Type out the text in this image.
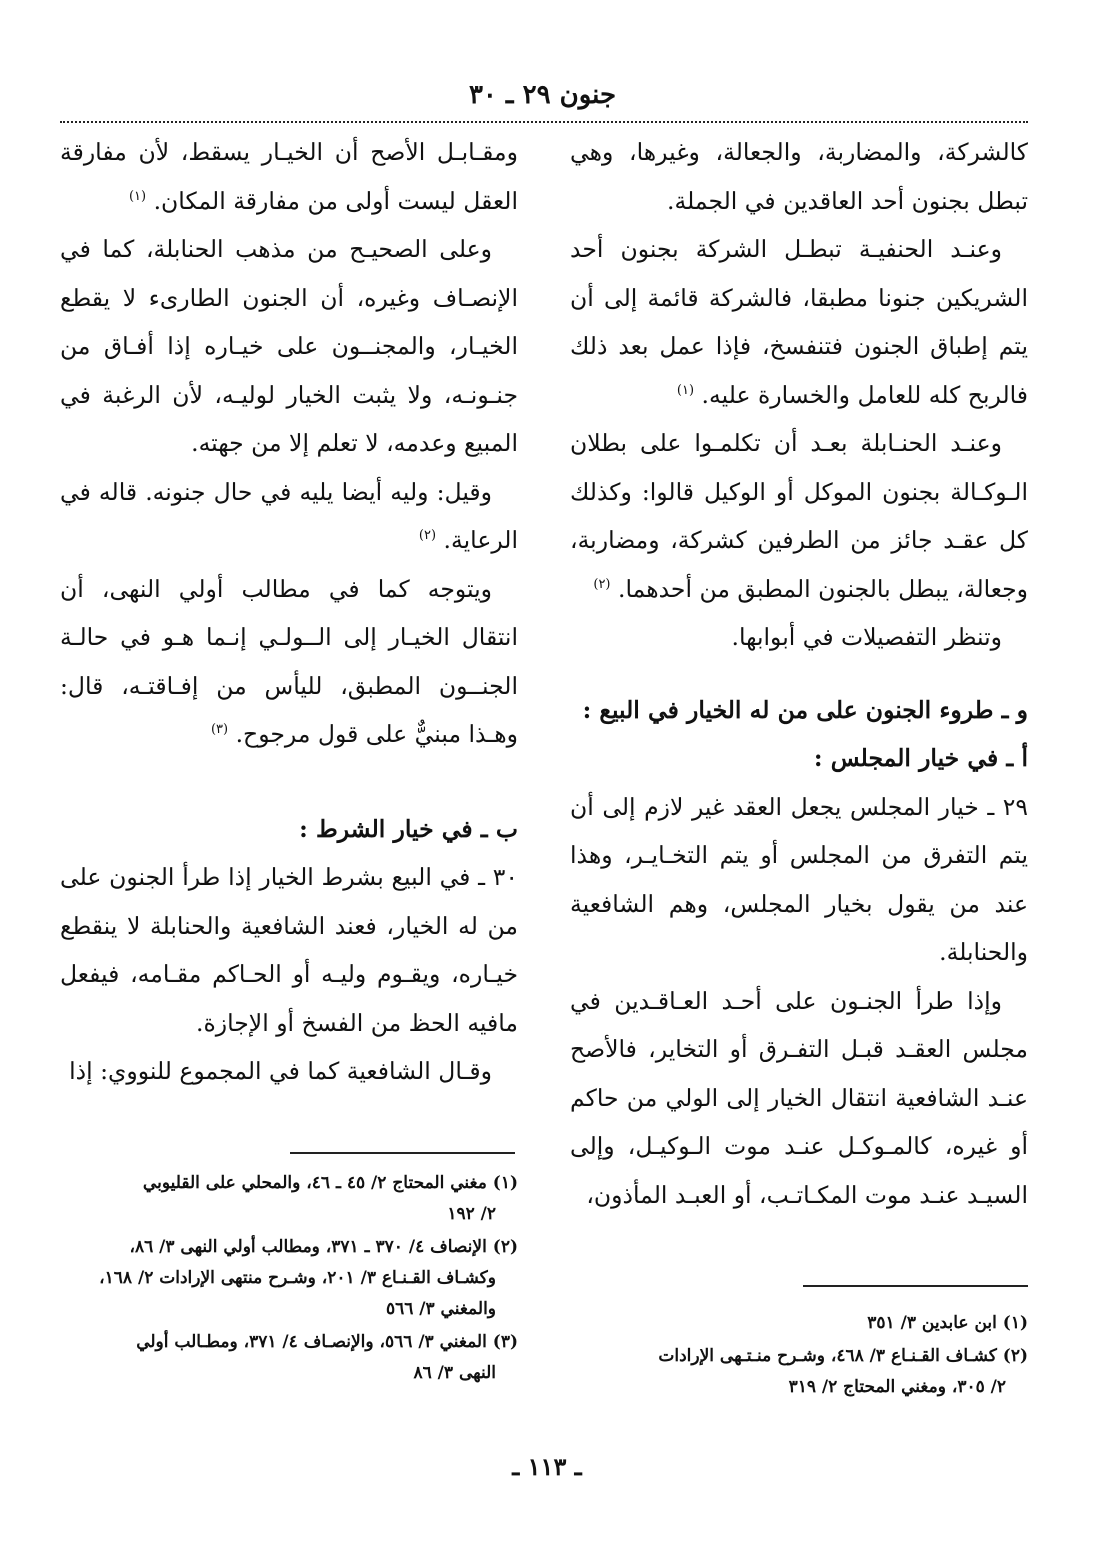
جنون ٢٩ ـ ٣٠

كالشركة، والمضاربة، والجعالة، وغيرها، وهي تبطل بجنون أحد العاقدين في الجملة.

وعنـد الحنفيـة تبطـل الشركة بجنون أحد الشريكين جنونا مطبقا، فالشركة قائمة إلى أن يتم إطباق الجنون فتنفسخ، فإذا عمل بعد ذلك فالربح كله للعامل والخسارة عليه. $^{(١)}$

وعنـد الحنـابلة بعـد أن تكلمـوا على بطلان الـوكـالة بجنون الموكل أو الوكيل قالوا: وكذلك كل عقـد جائز من الطرفين كشركة، ومضاربة، وجعالة، يبطل بالجنون المطبق من أحدهما. $^{(٢)}$

وتنظر التفصيلات في أبوابها.

و ـ طروء الجنون على من له الخيار في البيع :

أ ـ في خيار المجلس :

٢٩ ـ خيار المجلس يجعل العقد غير لازم إلى أن يتم التفرق من المجلس أو يتم التخـايـر، وهذا عند من يقول بخيار المجلس، وهم الشافعية والحنابلة.

وإذا طرأ الجنـون على أحـد العـاقـدين في مجلس العقـد قبـل التفـرق أو التخاير، فالأصح عنـد الشافعية انتقال الخيار إلى الولي من حاكم أو غيره، كالمـوكـل عنـد موت الـوكيـل، وإلى السيـد عنـد موت المكـاتـب، أو العبـد المأذون،

ومقـابـل الأصح أن الخيـار يسقط، لأن مفارقة العقل ليست أولى من مفارقة المكان. $^{(١)}$

وعلى الصحيـح من مذهب الحنابلة، كما في الإنصـاف وغيره، أن الجنون الطارىء لا يقطع الخيـار، والمجنــون على خيـاره إذا أفـاق من جنـونـه، ولا يثبت الخيار لوليـه، لأن الرغبة في المبيع وعدمه، لا تعلم إلا من جهته.

وقيل: وليه أيضا يليه في حال جنونه. قاله في الرعاية. $^{(٢)}$

ويتوجه كما في مطالب أولي النهى، أن انتقال الخيـار إلى الــولـي إنـما هـو في حالـة الجنــون المطبق، لليأس من إفـاقتـه، قال: وهـذا مبنيٌّ على قول مرجوح. $^{(٣)}$

ب ـ في خيار الشرط :

٣٠ ـ في البيع بشرط الخيار إذا طرأ الجنون على من له الخيار، فعند الشافعية والحنابلة لا ينقطع خيـاره، ويقـوم وليـه أو الحـاكم مقـامه، فيفعل مافيه الحظ من الفسخ أو الإجازة.

وقـال الشافعية كما في المجموع للنووي: إذا

(١) ابن عابدين ٣/ ٣٥١
(٢) كشـاف القـنـاع ٣/ ٤٦٨، وشـرح منـتـهى الإرادات
٢/ ٣٠٥، ومغني المحتاج ٢/ ٣١٩
(١) مغني المحتاج ٢/ ٤٥ ـ ٤٦، والمحلي على القليوبي
٢/ ١٩٢
(٢) الإنصاف ٤/ ٣٧٠ ـ ٣٧١، ومطالب أولي النهى ٣/ ٨٦،
وكشـاف القـنـاع ٣/ ٢٠١، وشـرح منتهى الإرادات ٢/ ١٦٨، والمغني ٣/ ٥٦٦
(٣) المغني ٣/ ٥٦٦، والإنصـاف ٤/ ٣٧١، ومطـالب أولي
النهى ٣/ ٨٦
ـ ١١٣ ـ
